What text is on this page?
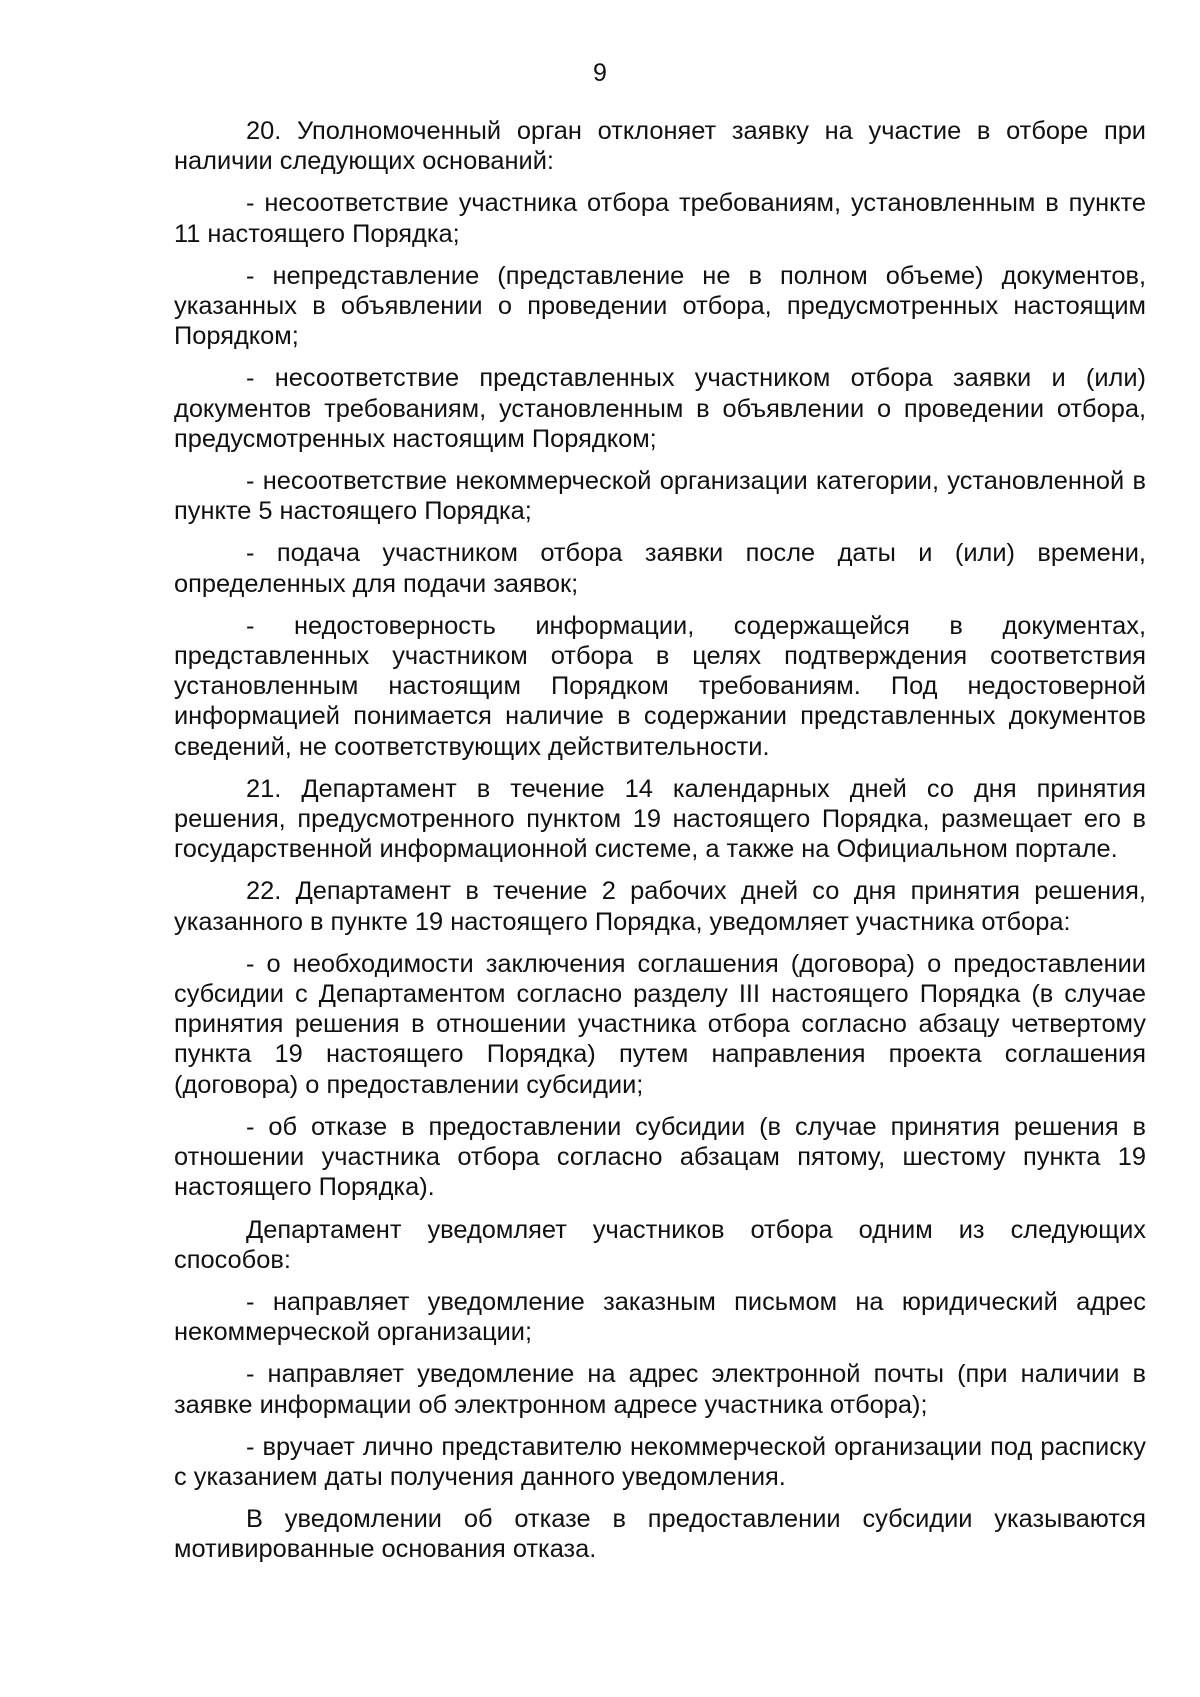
9

20. Уполномоченный орган отклоняет заявку на участие в отборе при наличии следующих оснований:

- несоответствие участника отбора требованиям, установленным в пункте 11 настоящего Порядка;

- непредставление (представление не в полном объеме) документов, указанных в объявлении о проведении отбора, предусмотренных настоящим Порядком;

- несоответствие представленных участником отбора заявки и (или) документов требованиям, установленным в объявлении о проведении отбора, предусмотренных настоящим Порядком;

- несоответствие некоммерческой организации категории, установленной в пункте 5 настоящего Порядка;

- подача участником отбора заявки после даты и (или) времени, определенных для подачи заявок;

- недостоверность информации, содержащейся в документах, представленных участником отбора в целях подтверждения соответствия установленным настоящим Порядком требованиям. Под недостоверной информацией понимается наличие в содержании представленных документов сведений, не соответствующих действительности.

21. Департамент в течение 14 календарных дней со дня принятия решения, предусмотренного пунктом 19 настоящего Порядка, размещает его в государственной информационной системе, а также на Официальном портале.

22. Департамент в течение 2 рабочих дней со дня принятия решения, указанного в пункте 19 настоящего Порядка, уведомляет участника отбора:

- о необходимости заключения соглашения (договора) о предоставлении субсидии с Департаментом согласно разделу III настоящего Порядка (в случае принятия решения в отношении участника отбора согласно абзацу четвертому пункта 19 настоящего Порядка) путем направления проекта соглашения (договора) о предоставлении субсидии;

- об отказе в предоставлении субсидии (в случае принятия решения в отношении участника отбора согласно абзацам пятому, шестому пункта 19 настоящего Порядка).

Департамент уведомляет участников отбора одним из следующих способов:

- направляет уведомление заказным письмом на юридический адрес некоммерческой организации;

- направляет уведомление на адрес электронной почты (при наличии в заявке информации об электронном адресе участника отбора);

- вручает лично представителю некоммерческой организации под расписку с указанием даты получения данного уведомления.

В уведомлении об отказе в предоставлении субсидии указываются мотивированные основания отказа.
